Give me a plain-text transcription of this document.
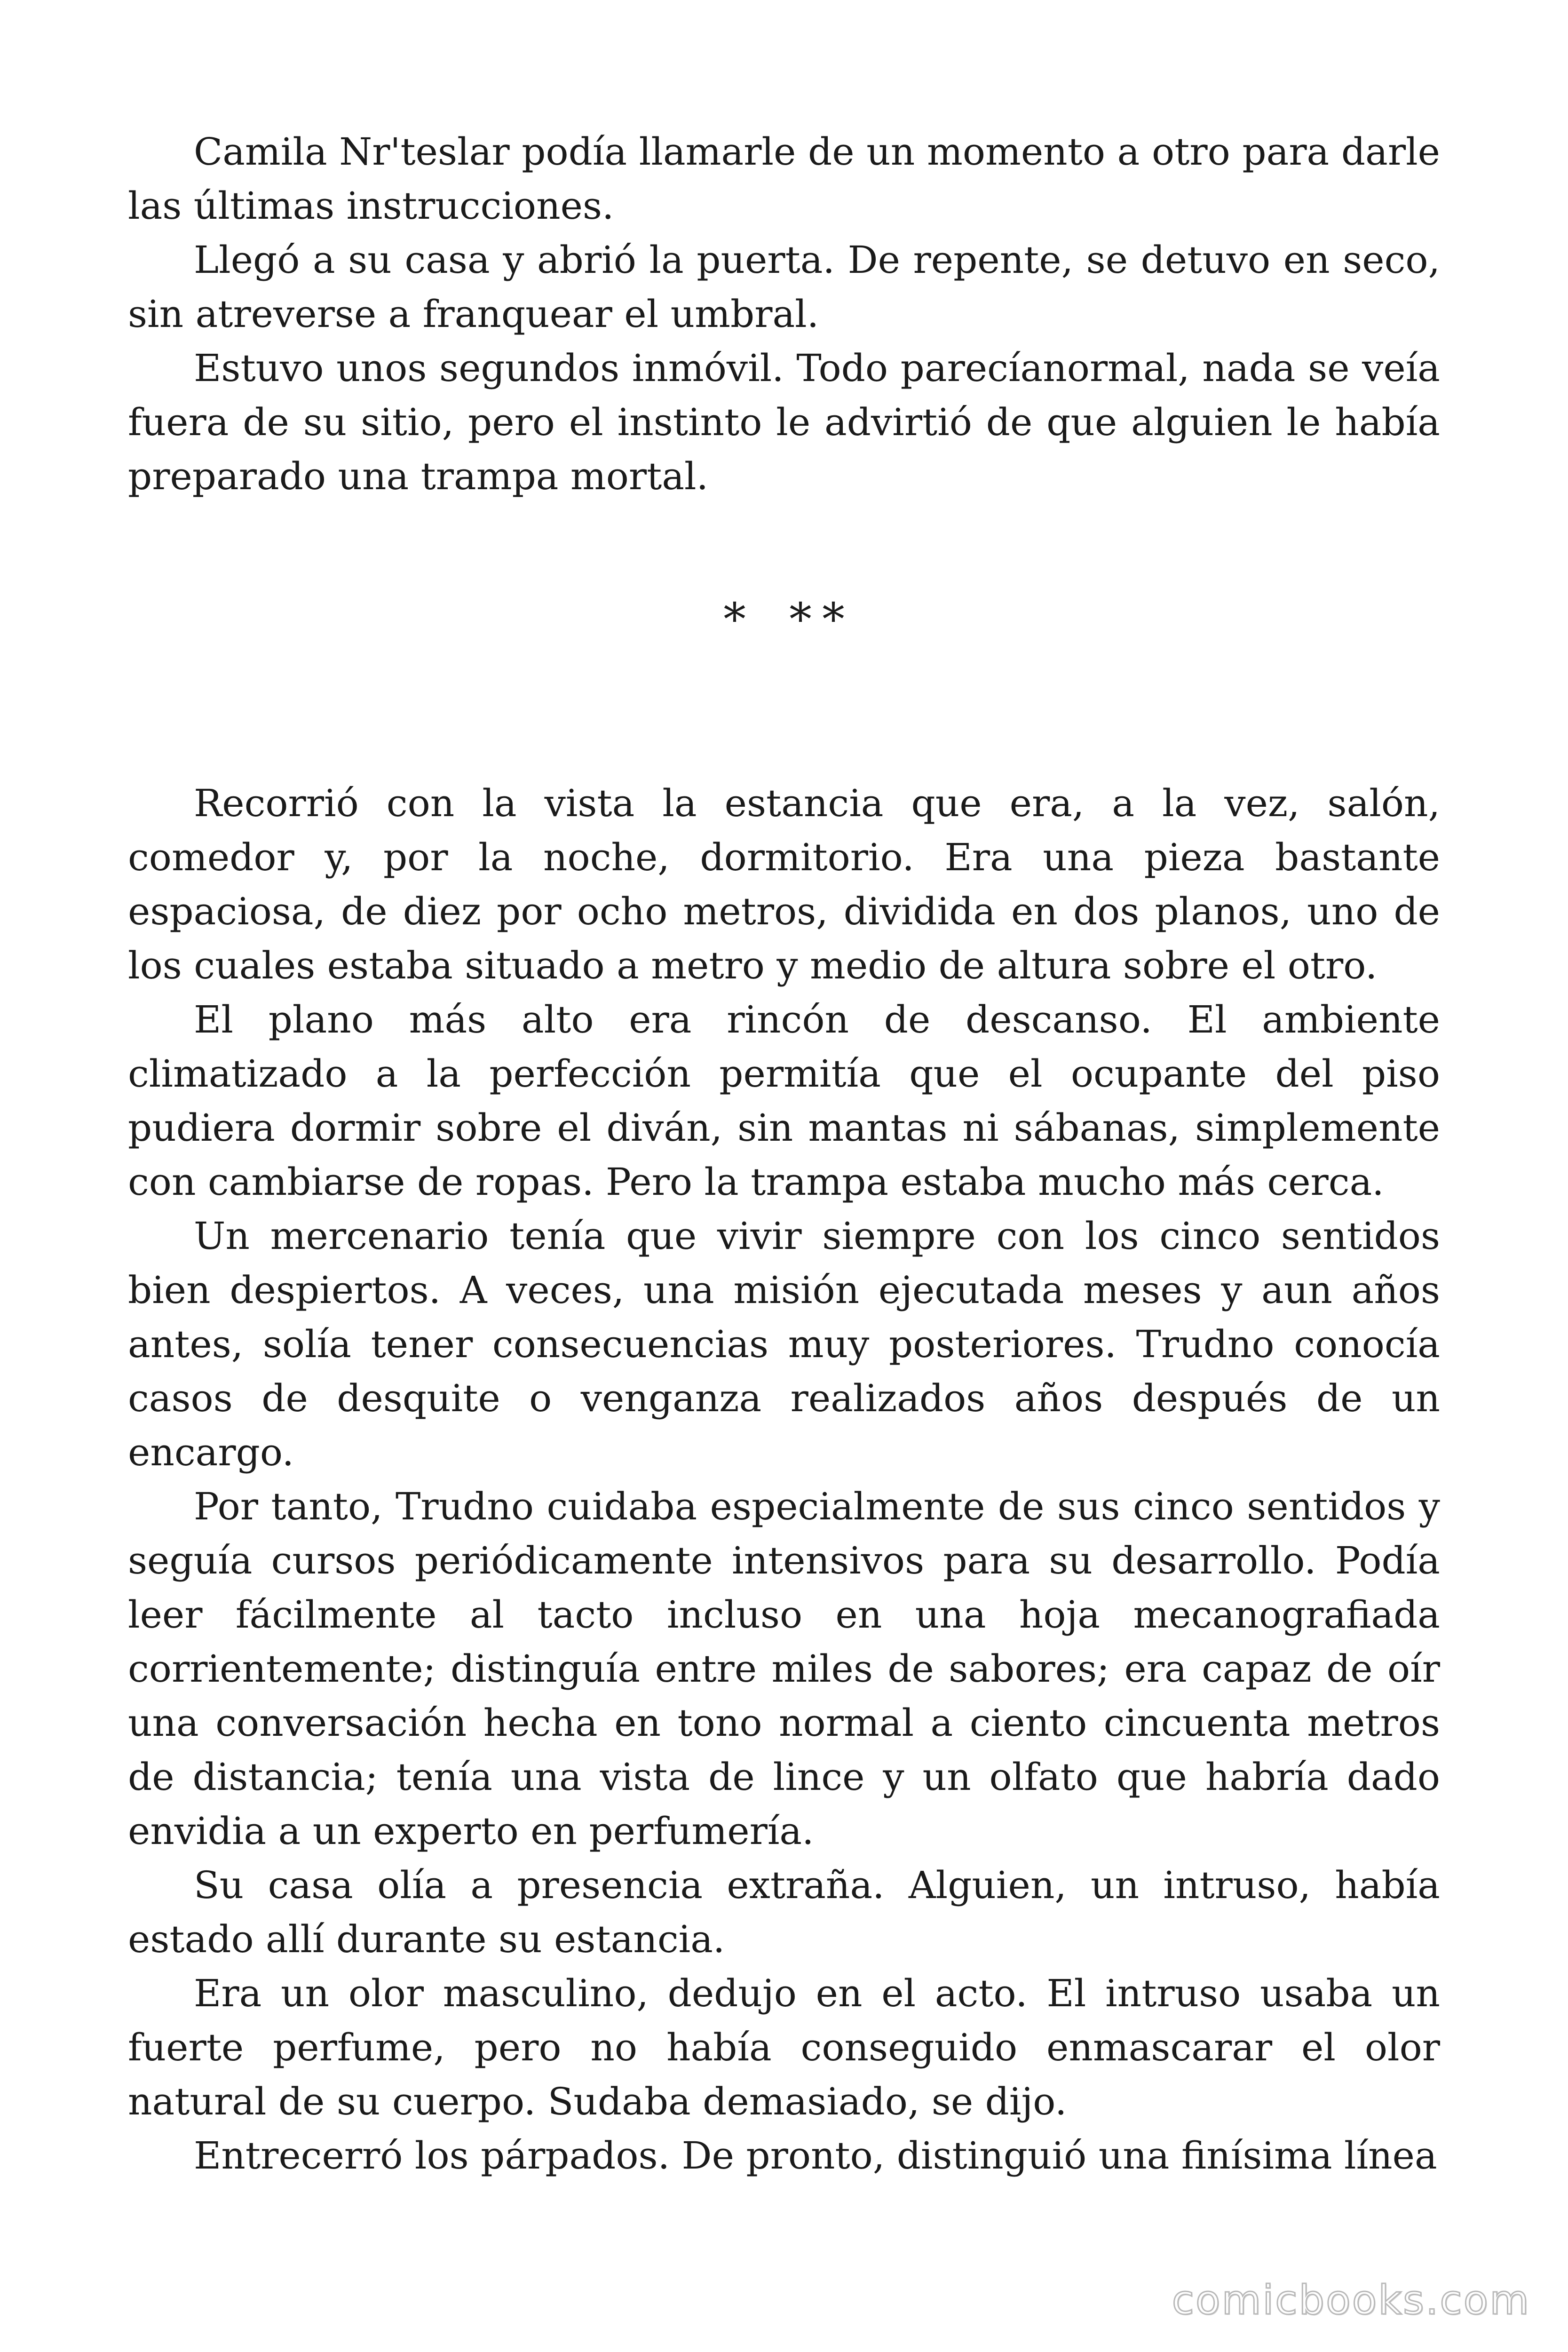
Camila Nr'teslar podía llamarle de un momento a otro para darle las últimas instrucciones.

Llegó a su casa y abrió la puerta. De repente, se detuvo en seco, sin atreverse a franquear el umbral.

Estuvo unos segundos inmóvil. Todo parecíanormal, nada se veía fuera de su sitio, pero el instinto le advirtió de que alguien le había preparado una trampa mortal.

* * *

Recorrió con la vista la estancia que era, a la vez, salón, comedor y, por la noche, dormitorio. Era una pieza bastante espaciosa, de diez por ocho metros, dividida en dos planos, uno de los cuales estaba situado a metro y medio de altura sobre el otro.

El plano más alto era rincón de descanso. El ambiente climatizado a la perfección permitía que el ocupante del piso pudiera dormir sobre el diván, sin mantas ni sábanas, simplemente con cambiarse de ropas. Pero la trampa estaba mucho más cerca.

Un mercenario tenía que vivir siempre con los cinco sentidos bien despiertos. A veces, una misión ejecutada meses y aun años antes, solía tener consecuencias muy posteriores. Trudno conocía casos de desquite o venganza realizados años después de un encargo.

Por tanto, Trudno cuidaba especialmente de sus cinco sentidos y seguía cursos periódicamente intensivos para su desarrollo. Podía leer fácilmente al tacto incluso en una hoja mecanografiada corrientemente; distinguía entre miles de sabores; era capaz de oír una conversación hecha en tono normal a ciento cincuenta metros de distancia; tenía una vista de lince y un olfato que habría dado envidia a un experto en perfumería.

Su casa olía a presencia extraña. Alguien, un intruso, había estado allí durante su estancia.

Era un olor masculino, dedujo en el acto. El intruso usaba un fuerte perfume, pero no había conseguido enmascarar el olor natural de su cuerpo. Sudaba demasiado, se dijo.

Entrecerró los párpados. De pronto, distinguió una finísima línea

comicbooks.com
